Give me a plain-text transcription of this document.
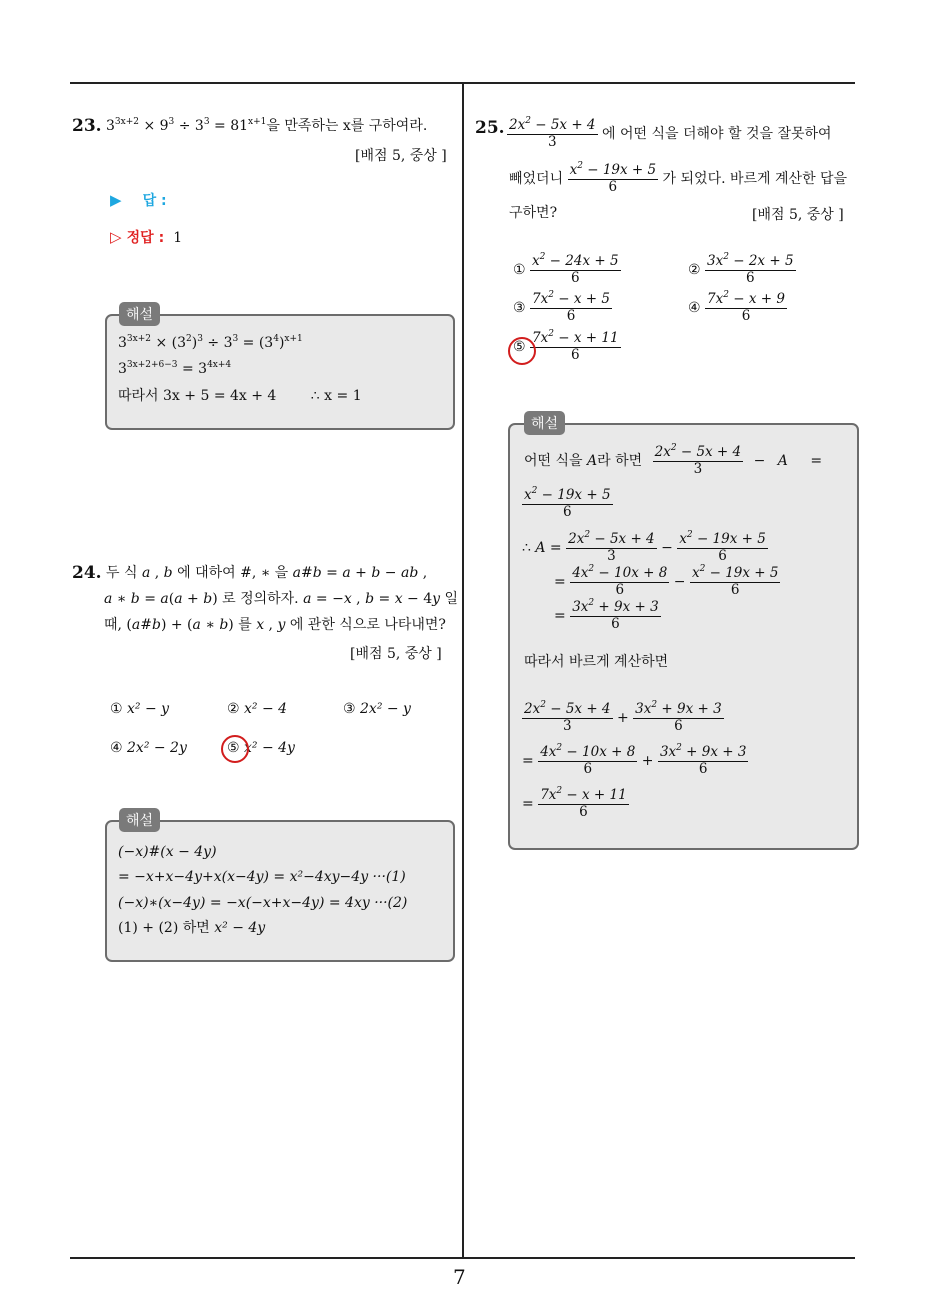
7
23. $3^{3x+2} \times 9^3 \div 3^3 = 81^{x+1}$을 만족하는 x를 구하여라.
[배점 5, 중상 ]
▶ 답 :
▷ 정답 : 1
해설
$3^{3x+2} \times (3^2)^3 \div 3^3 = (3^4)^{x+1}$
$3^{3x+2+6-3} = 3^{4x+4}$
따라서 3x + 5 = 4x + 4 ∴ x = 1
24. 두 식 a , b 에 대하여 #, ∗ 을 a#b = a + b − ab ,
a ∗ b = a(a + b) 로 정의하자. a = −x , b = x − 4y 일
때, (a#b) + (a ∗ b) 를 x , y 에 관한 식으로 나타내면?
[배점 5, 중상 ]
① x² − y	② x² − 4	③ 2x² − y
④ 2x² − 2y	⑤ x² − 4y
해설
(−x)#(x − 4y)
= −x+x−4y+x(x−4y) = x²−4xy−4y ···(1)
(−x)∗(x−4y) = −x(−x+x−4y) = 4xy ···(2)
(1) + (2) 하면 x² − 4y
25. $\frac{2x^2 - 5x + 4}{3}$ 에 어떤 식을 더해야 할 것을 잘못하여
빼었더니 $\frac{x^2 - 19x + 5}{6}$ 가 되었다. 바르게 계산한 답을
구하면?	[배점 5, 중상 ]
① $\frac{x^2 - 24x + 5}{6}$	② $\frac{3x^2 - 2x + 5}{6}$
③ $\frac{7x^2 - x + 5}{6}$	④ $\frac{7x^2 - x + 9}{6}$
⑤ $\frac{7x^2 - x + 11}{6}$
해설
어떤 식을 A라 하면 $\frac{2x^2 - 5x + 4}{3} - A$ =
$\frac{x^2 - 19x + 5}{6}$
∴ $A = \frac{2x^2 - 5x + 4}{3} - \frac{x^2 - 19x + 5}{6}$
= $\frac{4x^2 - 10x + 8}{6} - \frac{x^2 - 19x + 5}{6}$
= $\frac{3x^2 + 9x + 3}{6}$
따라서 바르게 계산하면
$\frac{2x^2 - 5x + 4}{3} + \frac{3x^2 + 9x + 3}{6}$
= $\frac{4x^2 - 10x + 8}{6} + \frac{3x^2 + 9x + 3}{6}$
= $\frac{7x^2 - x + 11}{6}$
